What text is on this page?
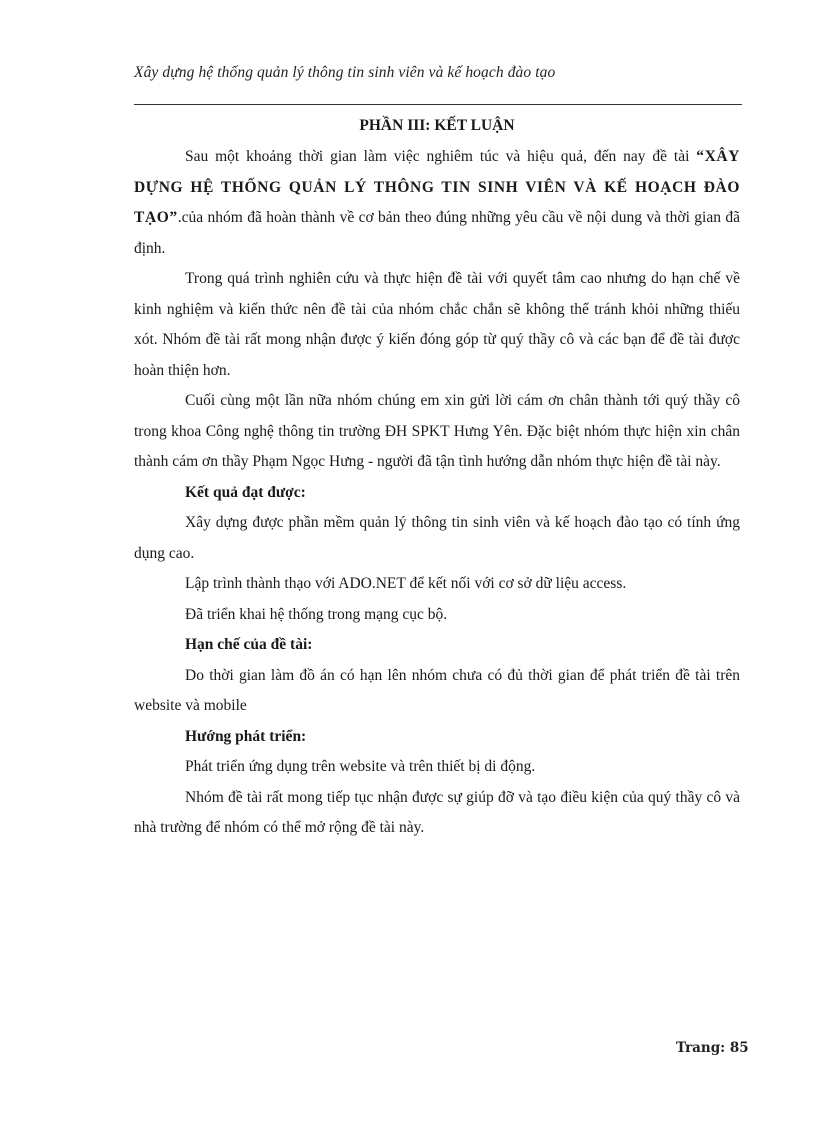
Xây dựng hệ thống quản lý thông tin sinh viên và kế hoạch đào tạo
PHẦN III: KẾT LUẬN

Sau một khoảng thời gian làm việc nghiêm túc và hiệu quả, đến nay đề tài “XÂY DỰNG HỆ THỐNG QUẢN LÝ THÔNG TIN SINH VIÊN VÀ KẾ HOẠCH ĐÀO TẠO”.của nhóm đã hoàn thành về cơ bản theo đúng những yêu cầu về nội dung và thời gian đã định.

Trong quá trình nghiên cứu và thực hiện đề tài với quyết tâm cao nhưng do hạn chế về kinh nghiệm và kiến thức nên đề tài của nhóm chắc chắn sẽ không thể tránh khỏi những thiếu xót. Nhóm đề tài rất mong nhận được ý kiến đóng góp từ quý thầy cô và các bạn để đề tài được hoàn thiện hơn.

Cuối cùng một lần nữa nhóm chúng em xin gửi lời cám ơn chân thành tới quý thầy cô trong khoa Công nghệ thông tin trường ĐH SPKT Hưng Yên. Đặc biệt nhóm thực hiện xin chân thành cám ơn thầy Phạm Ngọc Hưng - người đã tận tình hướng dẫn nhóm thực hiện đề tài này.

Kết quả đạt được:

Xây dựng được phần mềm quản lý thông tin sinh viên và kế hoạch đào tạo có tính ứng dụng cao.

Lập trình thành thạo với ADO.NET để kết nối với cơ sở dữ liệu access.

Đã triển khai hệ thống trong mạng cục bộ.

Hạn chế của đề tài:

Do thời gian làm đồ án có hạn lên nhóm chưa có đủ thời gian để phát triển đề tài trên website và mobile

Hướng phát triển:

Phát triển ứng dụng trên website và trên thiết bị di động.

Nhóm đề tài rất mong tiếp tục nhận được sự giúp đỡ và tạo điều kiện của quý thầy cô và nhà trường để nhóm có thể mở rộng đề tài này.

Trang: 85
